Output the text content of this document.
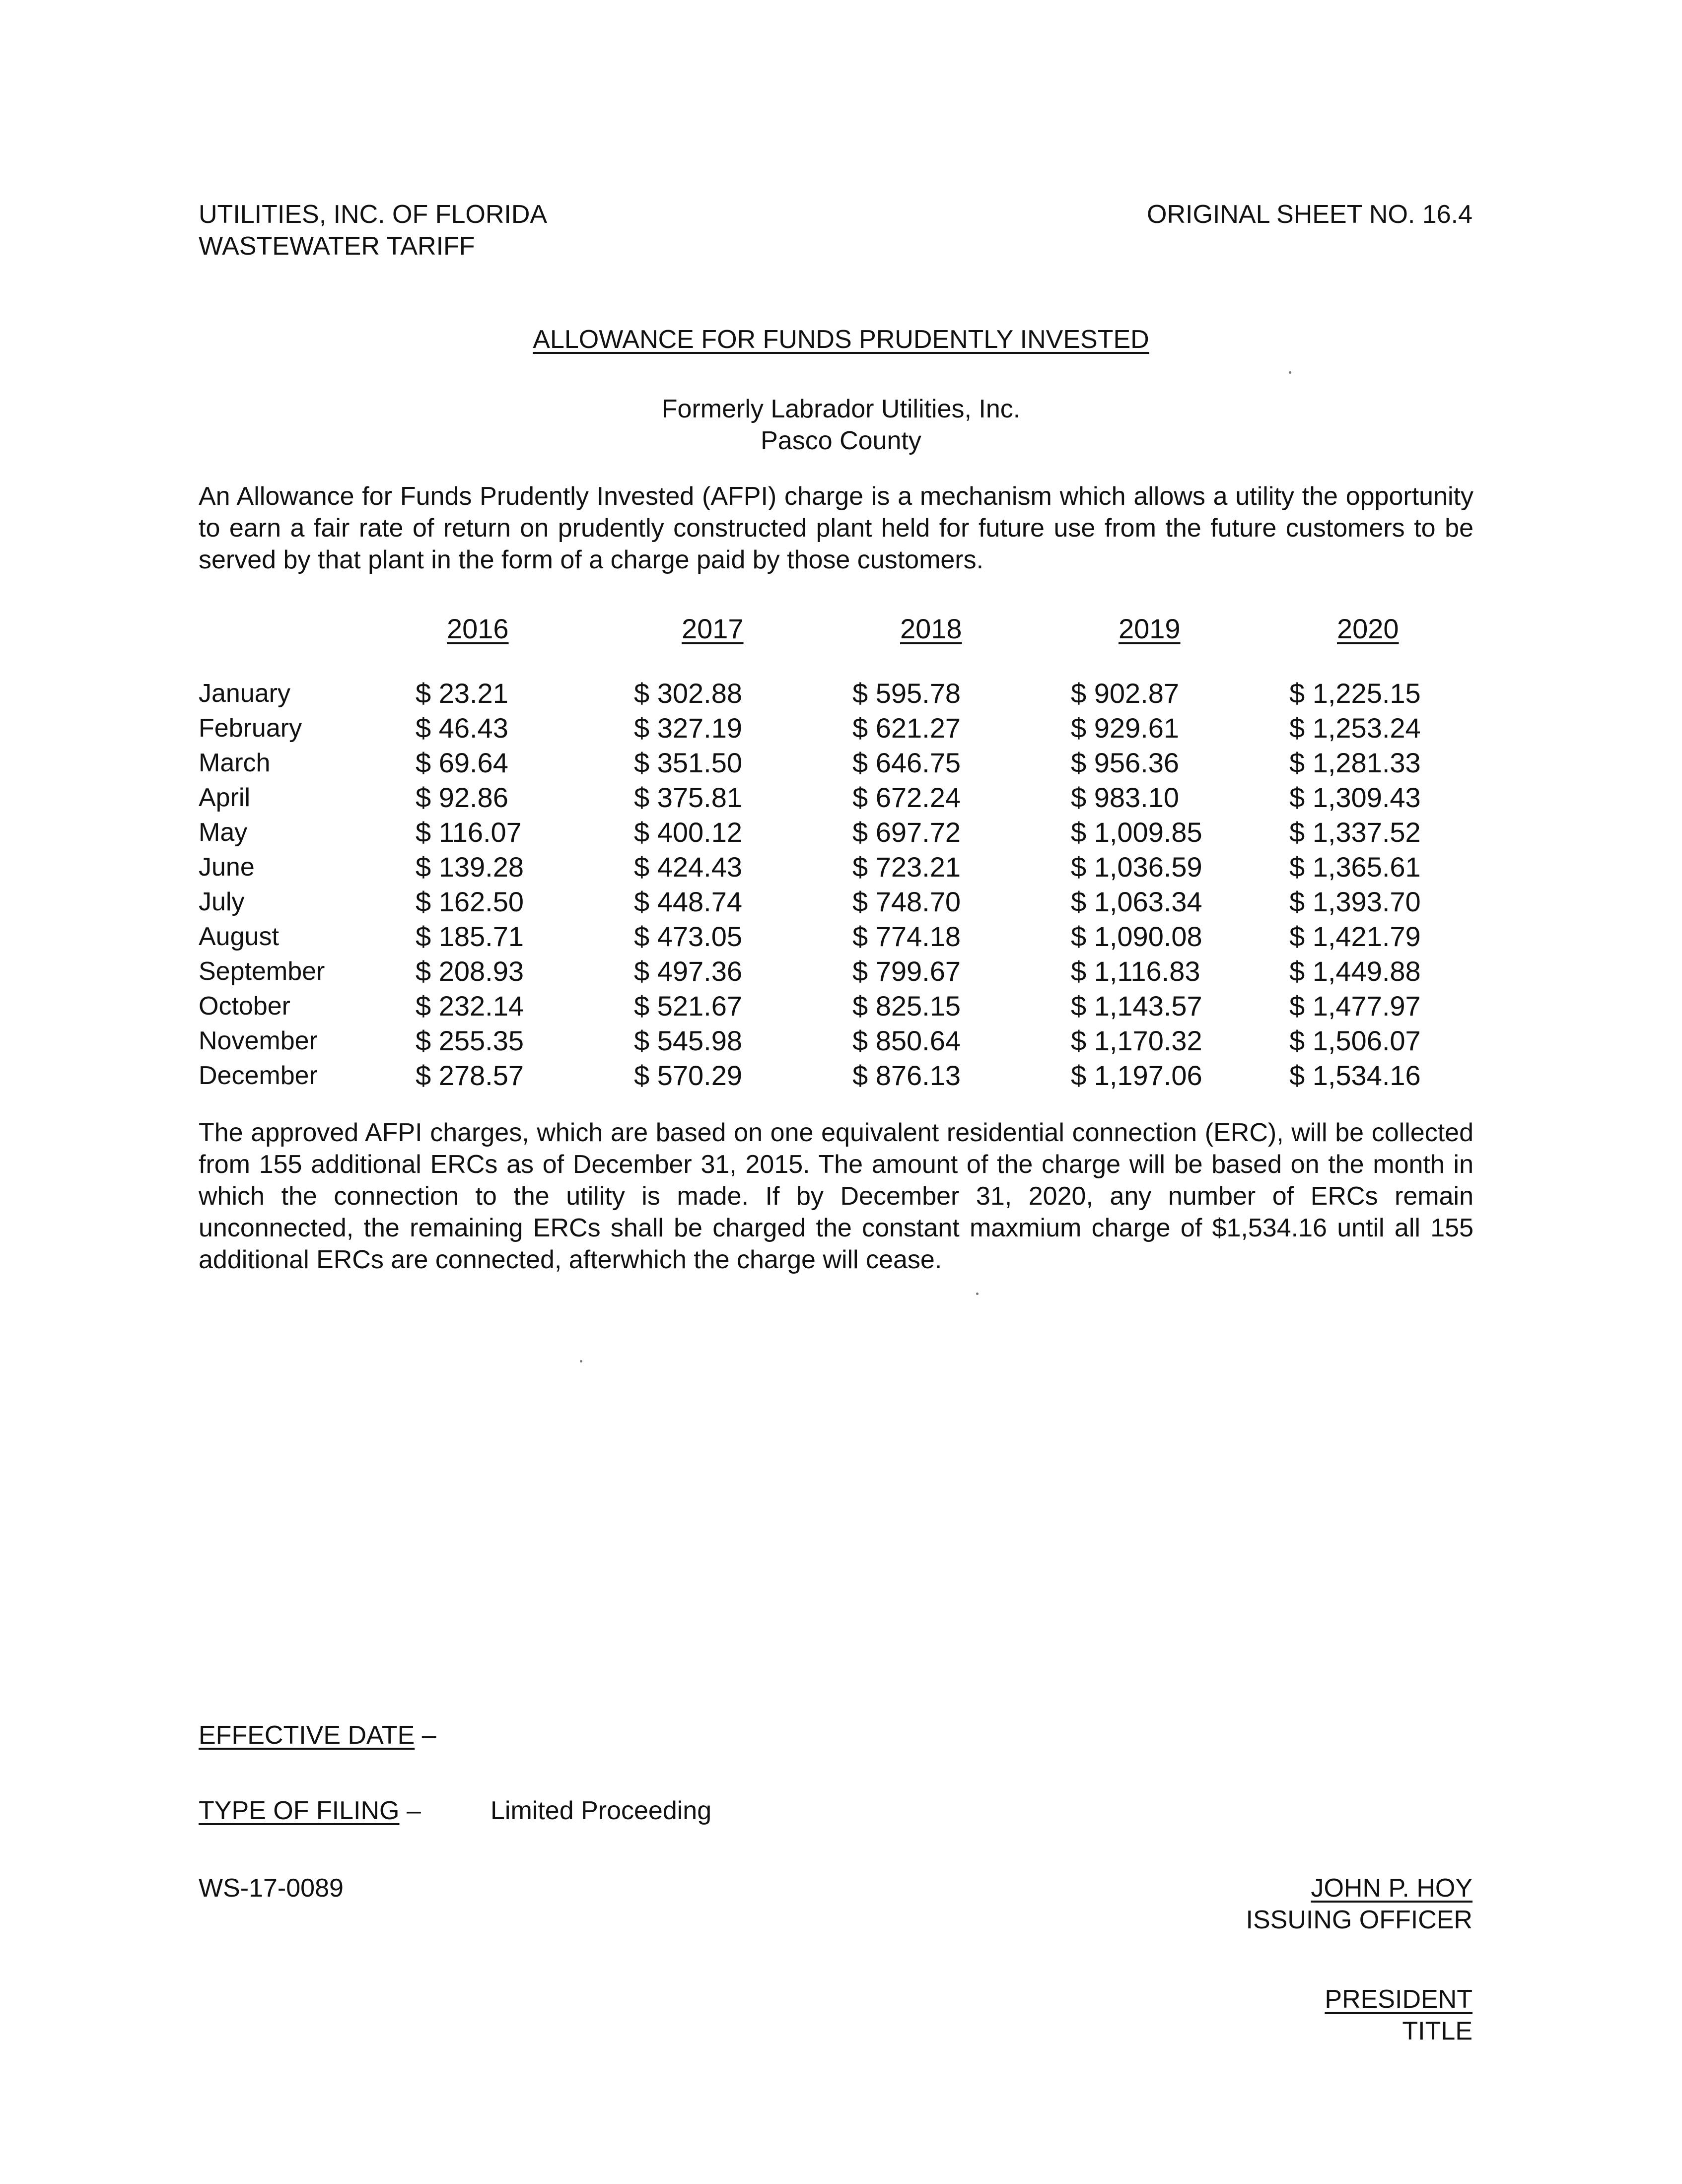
UTILITIES, INC. OF FLORIDA
WASTEWATER TARIFF
ORIGINAL SHEET NO. 16.4
ALLOWANCE FOR FUNDS PRUDENTLY INVESTED
Formerly Labrador Utilities, Inc.
Pasco County
An Allowance for Funds Prudently Invested (AFPI) charge is a mechanism which allows a utility the opportunity to earn a fair rate of return on prudently constructed plant held for future use from the future customers to be served by that plant in the form of a charge paid by those customers.
2016	2017	2018	2019	2020
January	$ 23.21	$ 302.88	$ 595.78	$ 902.87	$ 1,225.15
February	$ 46.43	$ 327.19	$ 621.27	$ 929.61	$ 1,253.24
March	$ 69.64	$ 351.50	$ 646.75	$ 956.36	$ 1,281.33
April	$ 92.86	$ 375.81	$ 672.24	$ 983.10	$ 1,309.43
May	$ 116.07	$ 400.12	$ 697.72	$ 1,009.85	$ 1,337.52
June	$ 139.28	$ 424.43	$ 723.21	$ 1,036.59	$ 1,365.61
July	$ 162.50	$ 448.74	$ 748.70	$ 1,063.34	$ 1,393.70
August	$ 185.71	$ 473.05	$ 774.18	$ 1,090.08	$ 1,421.79
September	$ 208.93	$ 497.36	$ 799.67	$ 1,116.83	$ 1,449.88
October	$ 232.14	$ 521.67	$ 825.15	$ 1,143.57	$ 1,477.97
November	$ 255.35	$ 545.98	$ 850.64	$ 1,170.32	$ 1,506.07
December	$ 278.57	$ 570.29	$ 876.13	$ 1,197.06	$ 1,534.16
The approved AFPI charges, which are based on one equivalent residential connection (ERC), will be collected from 155 additional ERCs as of December 31, 2015. The amount of the charge will be based on the month in which the connection to the utility is made. If by December 31, 2020, any number of ERCs remain unconnected, the remaining ERCs shall be charged the constant maxmium charge of $1,534.16 until all 155 additional ERCs are connected, afterwhich the charge will cease.
EFFECTIVE DATE –
TYPE OF FILING –	Limited Proceeding
WS-17-0089	JOHN P. HOY
ISSUING OFFICER
PRESIDENT
TITLE
